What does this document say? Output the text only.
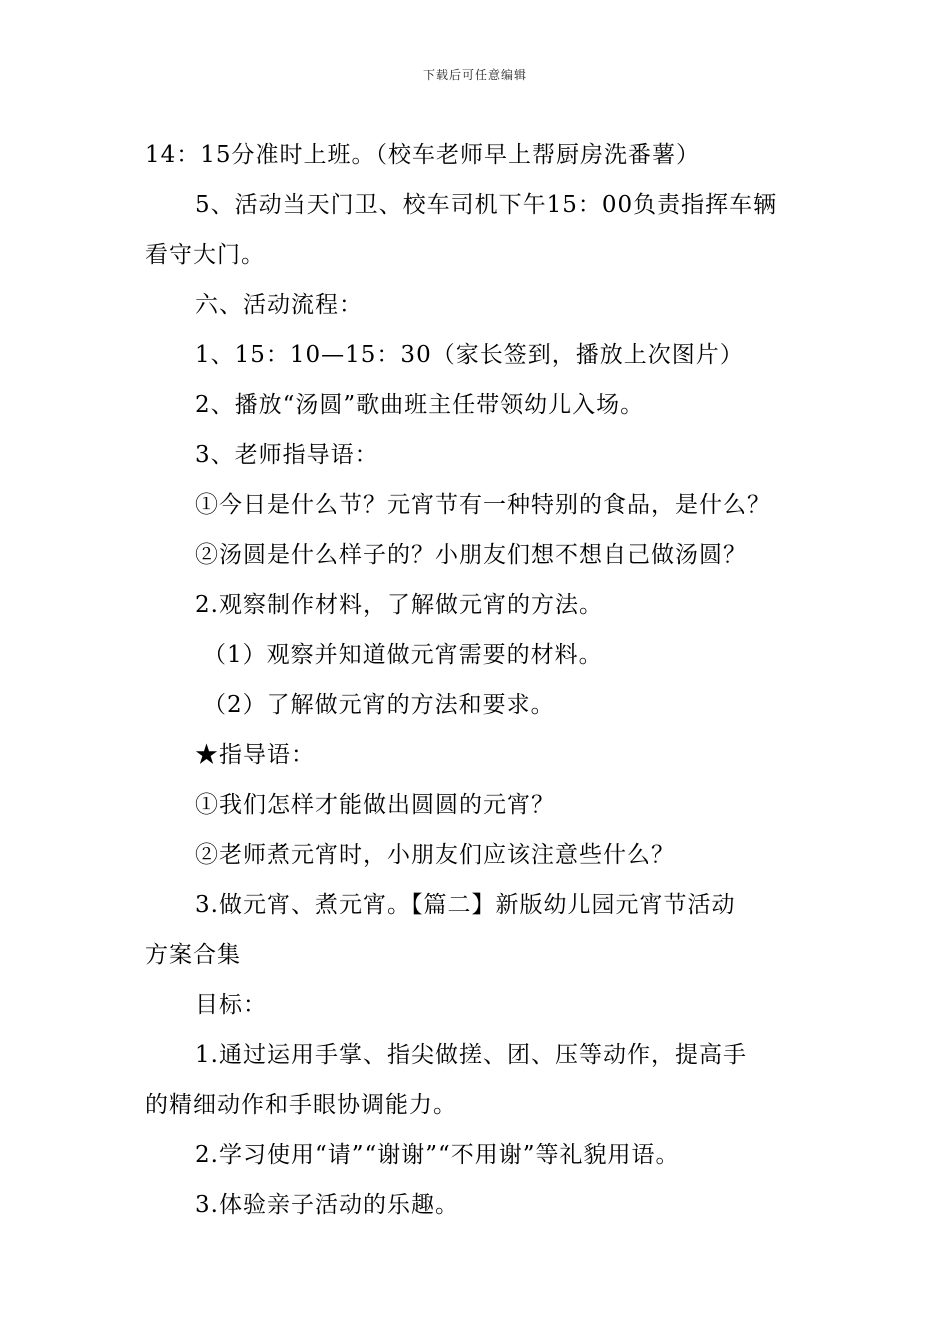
下载后可任意编辑
14：15分准时上班。（校车老师早上帮厨房洗番薯）
5、活动当天门卫、校车司机下午15：00负责指挥车辆
看守大门。
六、活动流程：
1、15：10—15：30（家长签到，播放上次图片）
2、播放“汤圆”歌曲班主任带领幼儿入场。
3、老师指导语：
①今日是什么节？元宵节有一种特别的食品，是什么？
②汤圆是什么样子的？小朋友们想不想自己做汤圆？
2.观察制作材料，了解做元宵的方法。
（1）观察并知道做元宵需要的材料。
（2）了解做元宵的方法和要求。
★指导语：
①我们怎样才能做出圆圆的元宵？
②老师煮元宵时，小朋友们应该注意些什么？
3.做元宵、煮元宵。【篇二】新版幼儿园元宵节活动
方案合集
目标：
1.通过运用手掌、指尖做搓、团、压等动作，提高手
的精细动作和手眼协调能力。
2.学习使用“请”“谢谢”“不用谢”等礼貌用语。
3.体验亲子活动的乐趣。
